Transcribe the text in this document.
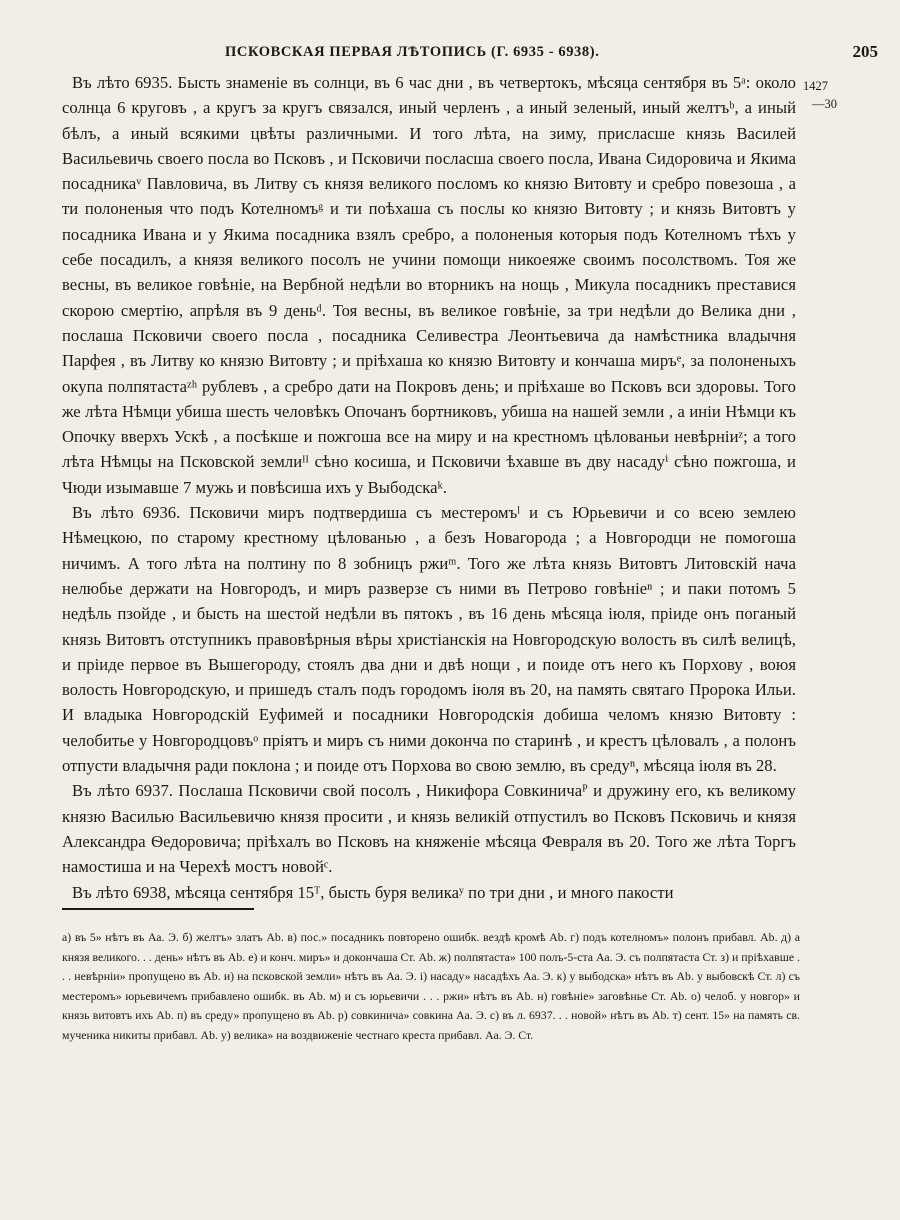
ПСКОВСКАЯ ПЕРВАЯ ЛѢТОПИСЬ (Г. 6935 - 6938).	205
1427
—30

Въ лѣто 6935. Бысть знаменіе въ солнци, въ 6 час дни , въ четвертокъ, мѣсяца сентября въ 5ᵃ: около солнца 6 круговъ , а кругъ за кругъ связался, иный черленъ , а иный зеленый, иный желтъᵇ, а иный бѣлъ, а иный всякими цвѣты различными. И того лѣта, на зиму, присласше князь Василей Васильевичь своего посла во Псковъ , и Псковичи посласша своего посла, Ивана Сидоровича и Якима посадникаᵛ Павловича, въ Литву съ князя великого посломъ ко князю Витовту и сребро повезоша , а ти полоненыя что подъ Котелномъᵍ и ти поѣхаша съ послы ко князю Витовту ; и князь Витовтъ у посадника Ивана и у Якима посадника взялъ сребро, а полоненыя которыя подъ Котелномъ тѣхъ у себе посадилъ, а князя великого посолъ не учини помощи никоеяже своимъ посолствомъ. Тоя же весны, въ великое говѣніе, на Вербной недѣли во вторникъ на нощь , Микула посадникъ преставися скорою смертію, апрѣля въ 9 деньᵈ. Тоя весны, въ великое говѣніе, за три недѣли до Велика дни , послаша Псковичи своего посла , посадника Селивестра Леонтьевича да намѣстника владычня Парфея , въ Литву ко князю Витовту ; и пріѣхаша ко князю Витовту и кончаша миръᵉ, за полоненыхъ окупа полпятастаᶻʰ рублевъ , а сребро дати на Покровъ день; и пріѣхаше во Псковъ вси здоровы. Того же лѣта Нѣмци убиша шесть человѣкъ Опочанъ бортниковъ, убиша на нашей земли , а иніи Нѣмци къ Опочку вверхъ Ускѣ , а посѣкше и пожгоша все на миру и на крестномъ цѣлованьи невѣрніиᶻ; а того лѣта Нѣмцы на Псковской землиᴵᴵ сѣно косиша, и Псковичи ѣхавше въ дву насадуⁱ сѣно пожгоша, и Чюди изымавше 7 мужь и повѣсиша ихъ у Выбодскаᵏ.

Въ лѣто 6936. Псковичи миръ подтвердиша съ местеромъˡ и съ Юрьевичи и со всею землею Нѣмецкою, по старому крестному цѣлованью , а безъ Новагорода ; а Новгородци не помогоша ничимъ. А того лѣта на полтину по 8 зобницъ ржиᵐ. Того же лѣта князь Витовтъ Литовскій нача нелюбье держати на Новгородъ, и миръ разверзе съ ними въ Петрово говѣніеⁿ ; и паки потомъ 5 недѣль пзойде , и бысть на шестой недѣли въ пятокъ , въ 16 день мѣсяца іюля, пріиде онъ поганый князь Витовтъ отступникъ правовѣрныя вѣры христіанскія на Новгородскую волость въ силѣ велицѣ, и пріиде первое въ Вышегороду, стоялъ два дни и двѣ нощи , и поиде отъ него къ Порхову , воюя волость Новгородскую, и пришедъ сталъ подъ городомъ іюля въ 20, на память святаго Пророка Ильи. И владыка Новгородскій Еуфимей и посадники Новгородскія добиша челомъ князю Витовту : челобитье у Новгородцовъᵒ пріятъ и миръ съ ними доконча по старинѣ , и крестъ цѣловалъ , а полонъ отпусти владычня ради поклона ; и поиде отъ Порхова во свою землю, въ средуⁿ, мѣсяца іюля въ 28.

Въ лѣто 6937. Послаша Псковичи свой посолъ , Никифора Совкиничаᴾ и дружину его, къ великому князю Василью Васильевичю князя просити , и князь великій отпустилъ во Псковъ Псковичь и князя Александра Ѳедоровича; пріѣхалъ во Псковъ на княженіе мѣсяца Февраля въ 20. Того же лѣта Торгъ намостиша и на Черехѣ мостъ новойᶜ.

Въ лѣто 6938, мѣсяца сентября 15ᵀ, бысть буря великаʸ по три дни , и много пакости

а) въ 5» нѣтъ въ Аа. Э. б) желтъ» златъ Аb. в) пос.» посадникъ повторено ошибк. вездѣ кромѣ Аb. г) подъ котелномъ» полонъ прибавл. Аb. д) а князя великого. . . день» нѣтъ въ Аb. е) и конч. миръ» и докончаша Ст. Аb. ж) полпятаста» 100 полъ-5-ста Аа. Э. съ полпятаста Ст. з) и пріѣхавше . . . невѣрніи» пропущено въ Аb. и) на псковской земли» нѣтъ въ Аа. Э. і) насаду» насадѣхъ Аа. Э. к) у выбодска» нѣтъ въ Аb. у выбовскѣ Ст. л) съ местеромъ» юрьевичемъ прибавлено ошибк. въ Аb. м) и съ юрьевичи . . . ржи» нѣтъ въ Аb. н) говѣніе» заговѣнье Ст. Аb. о) челоб. у новгор» и князь витовтъ ихъ Аb. п) въ среду» пропущено въ Аb. р) совкинича» совкина Аа. Э. с) въ л. 6937. . . новой» нѣтъ въ Аb. т) сент. 15» на память св. мученика никиты прибавл. Аb. у) велика» на воздвиженіе честнаго креста прибавл. Аа. Э. Ст.
